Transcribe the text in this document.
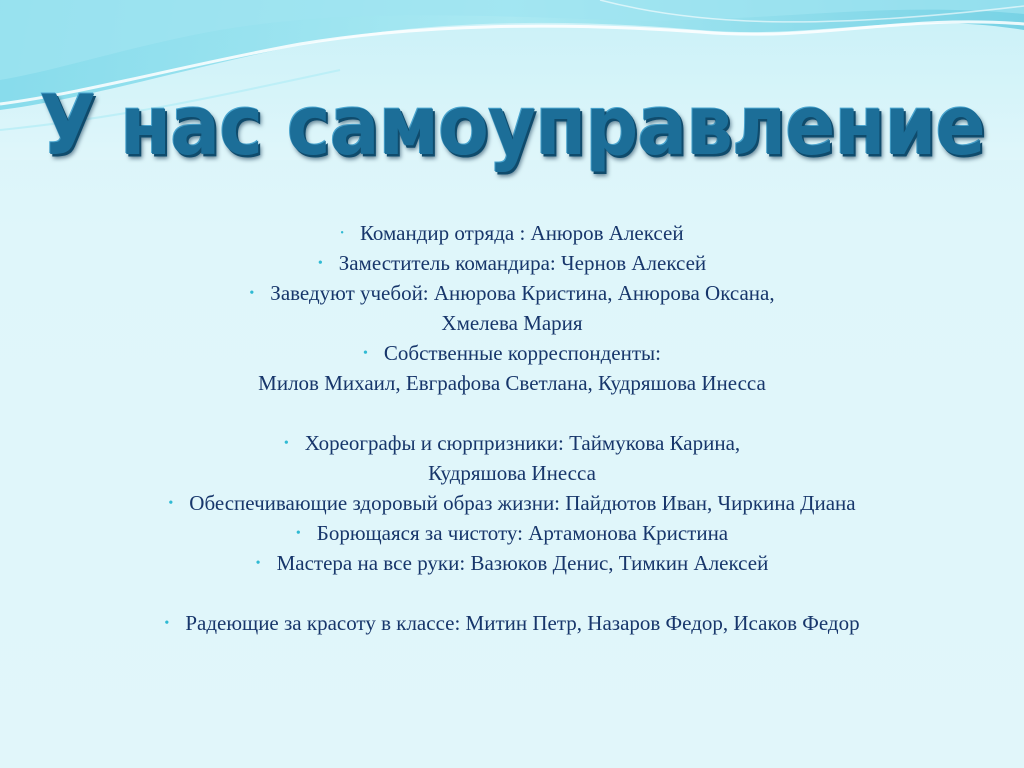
У нас самоуправление
• Командир отряда : Анюров Алексей
• Заместитель командира: Чернов Алексей
• Заведуют учебой: Анюрова Кристина, Анюрова Оксана,
Хмелева Мария
• Собственные корреспонденты:
Милов Михаил, Евграфова Светлана, Кудряшова Инесса
• Хореографы и сюрпризники: Таймукова Карина,
Кудряшова Инесса
• Обеспечивающие здоровый образ жизни: Пайдютов Иван, Чиркина Диана
• Борющаяся за чистоту: Артамонова Кристина
• Мастера на все руки: Вазюков Денис, Тимкин Алексей
• Радеющие за красоту в классе: Митин Петр, Назаров Федор, Исаков Федор
